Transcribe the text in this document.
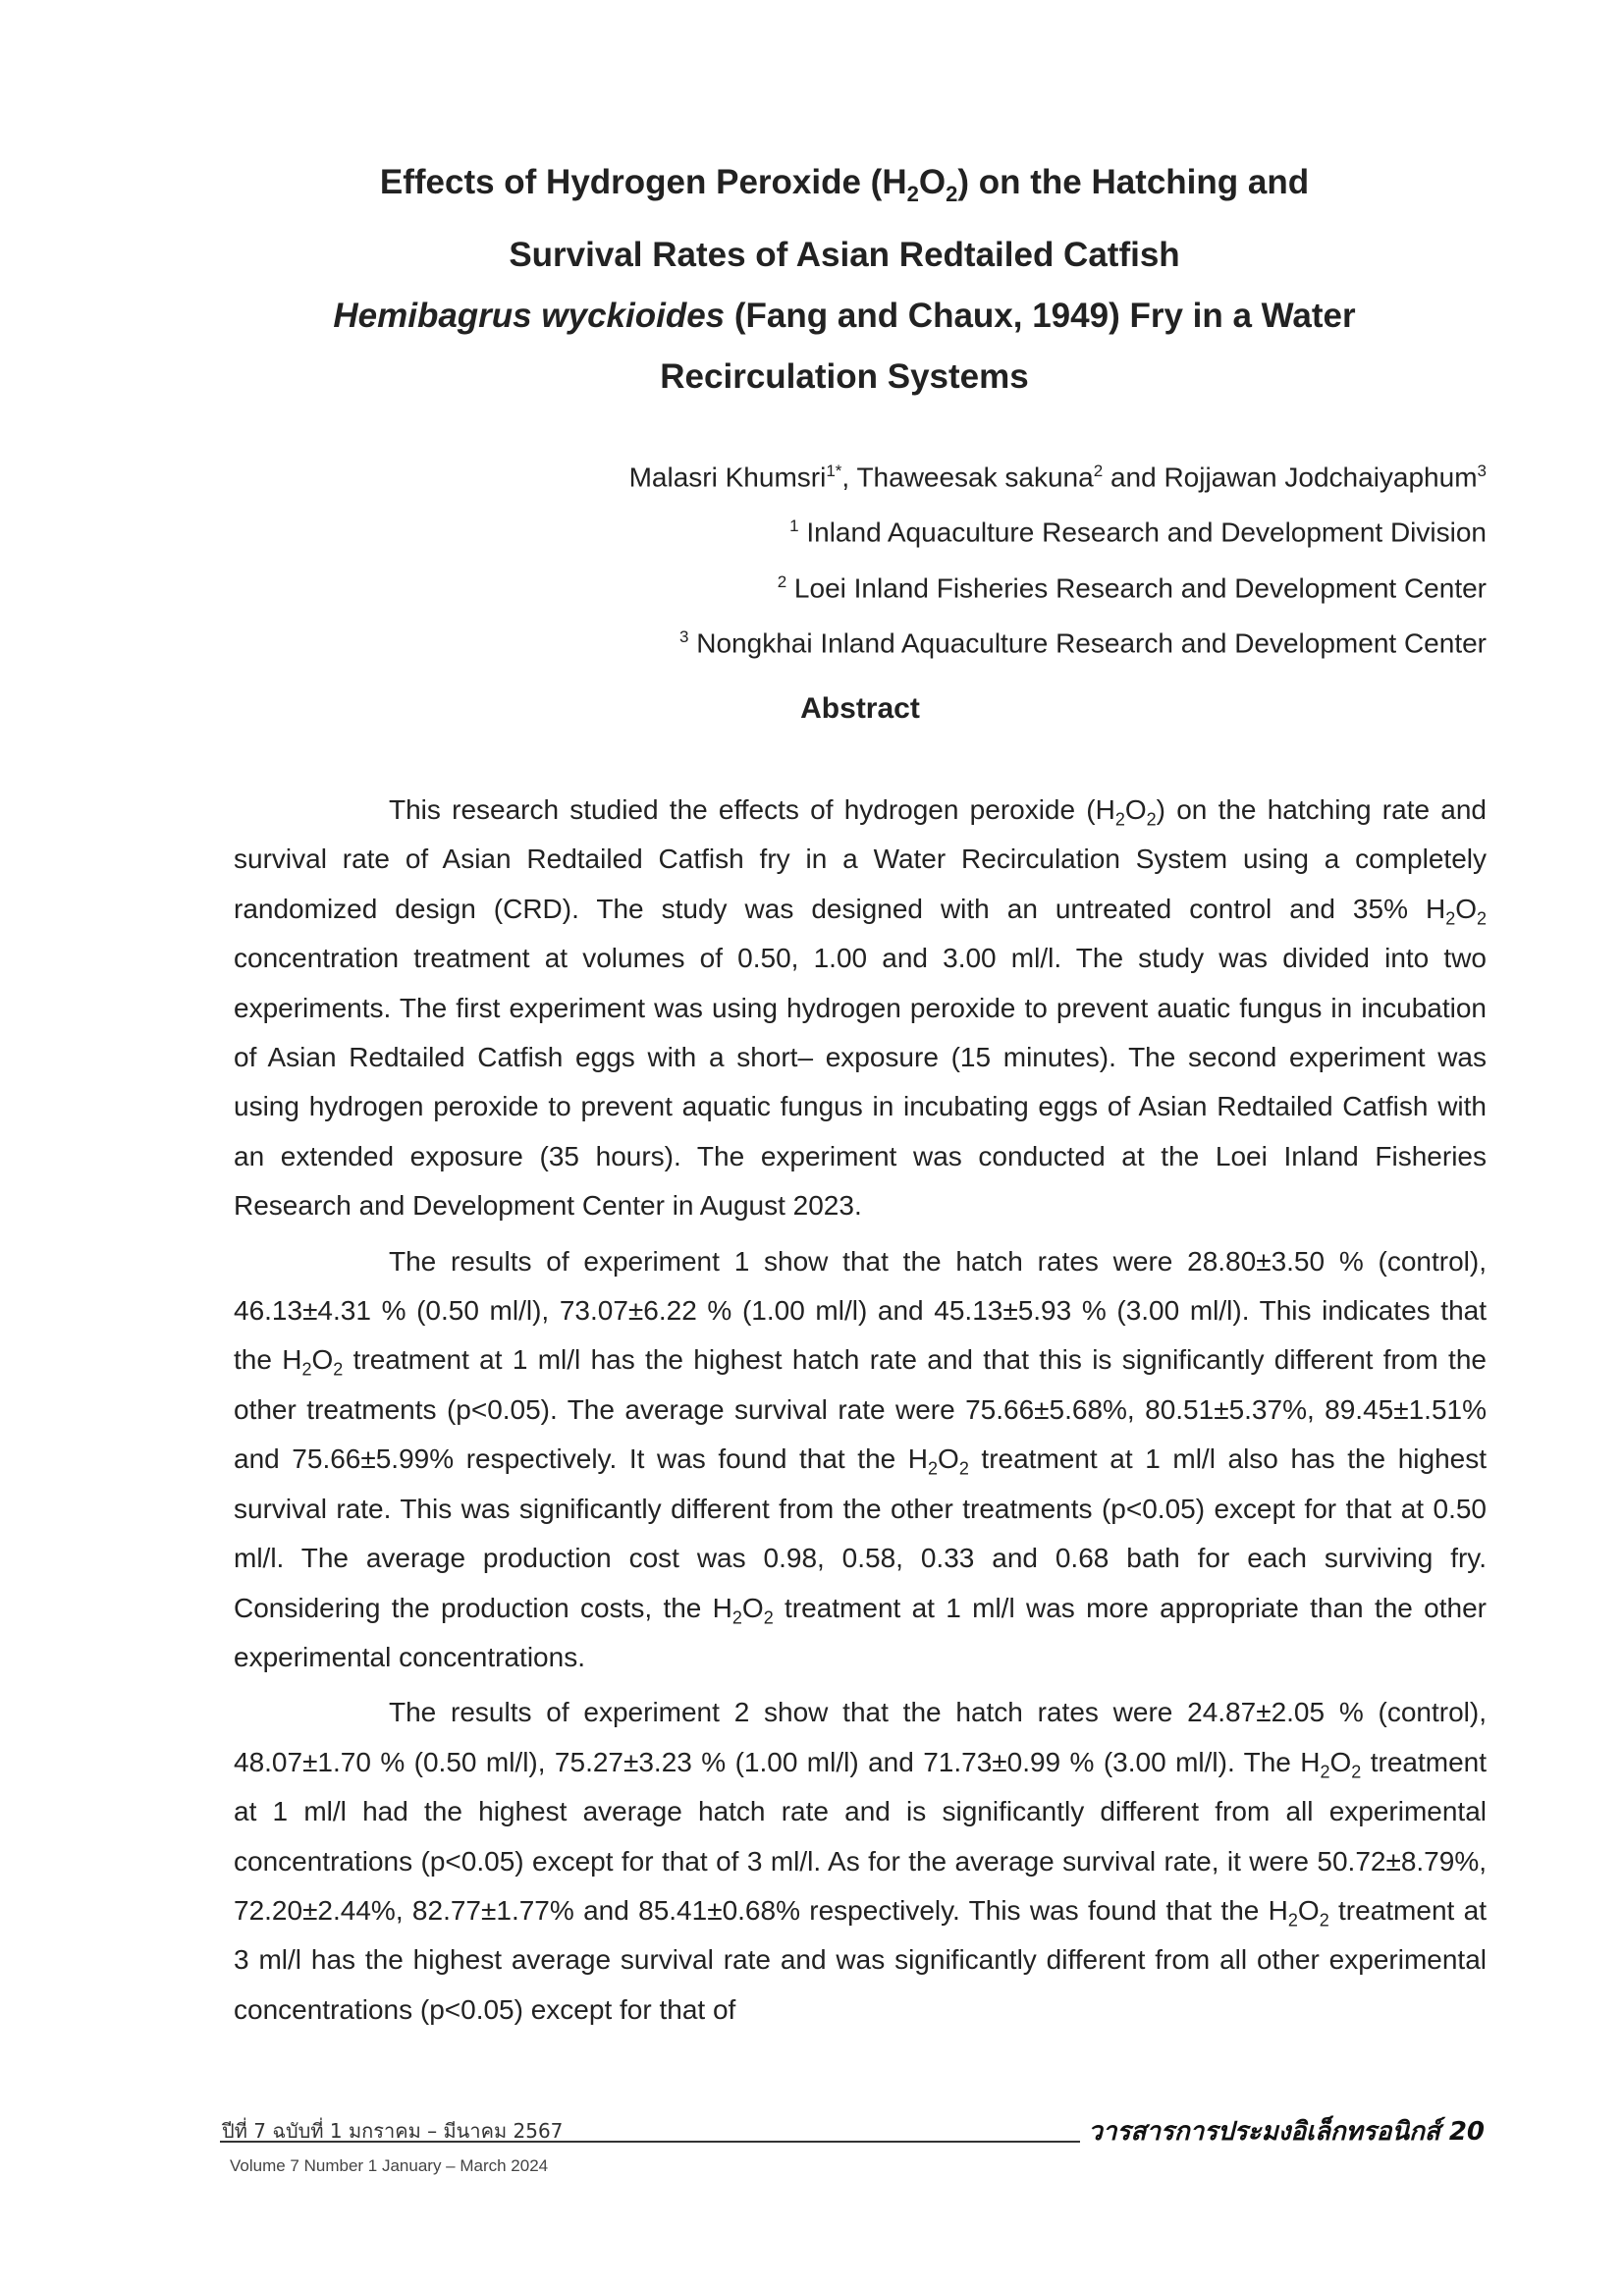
Effects of Hydrogen Peroxide $(H_2O_2)$ on the Hatching and
Survival Rates of Asian Redtailed Catfish
Hemibagrus wyckioides (Fang and Chaux, 1949) Fry in a Water
Recirculation Systems
Malasri Khumsri$^{1*}$, Thaweesak sakuna$^2$ and Rojjawan Jodchaiyaphum$^3$
$^1$ Inland Aquaculture Research and Development Division
$^2$ Loei Inland Fisheries Research and Development Center
$^3$ Nongkhai Inland Aquaculture Research and Development Center
Abstract

This research studied the effects of hydrogen peroxide $(H_2O_2)$ on the hatching rate and survival rate of Asian Redtailed Catfish fry in a Water Recirculation System using a completely randomized design (CRD). The study was designed with an untreated control and 35% $H_2O_2$ concentration treatment at volumes of 0.50, 1.00 and 3.00 ml/l. The study was divided into two experiments. The first experiment was using hydrogen peroxide to prevent auatic fungus in incubation of Asian Redtailed Catfish eggs with a short– exposure (15 minutes). The second experiment was using hydrogen peroxide to prevent aquatic fungus in incubating eggs of Asian Redtailed Catfish with an extended exposure (35 hours). The experiment was conducted at the Loei Inland Fisheries Research and Development Center in August 2023.

The results of experiment 1 show that the hatch rates were 28.80±3.50 % (control), 46.13±4.31 % (0.50 ml/l), 73.07±6.22 % (1.00 ml/l) and 45.13±5.93 % (3.00 ml/l). This indicates that the $H_2O_2$ treatment at 1 ml/l has the highest hatch rate and that this is significantly different from the other treatments (p<0.05). The average survival rate were 75.66±5.68%, 80.51±5.37%, 89.45±1.51% and 75.66±5.99% respectively. It was found that the $H_2O_2$ treatment at 1 ml/l also has the highest survival rate. This was significantly different from the other treatments (p<0.05) except for that at 0.50 ml/l. The average production cost was 0.98, 0.58, 0.33 and 0.68 bath for each surviving fry. Considering the production costs, the $H_2O_2$ treatment at 1 ml/l was more appropriate than the other experimental concentrations.

The results of experiment 2 show that the hatch rates were 24.87±2.05 % (control), 48.07±1.70 % (0.50 ml/l), 75.27±3.23 % (1.00 ml/l) and 71.73±0.99 % (3.00 ml/l). The $H_2O_2$ treatment at 1 ml/l had the highest average hatch rate and is significantly different from all experimental concentrations (p<0.05) except for that of 3 ml/l. As for the average survival rate, it were 50.72±8.79%, 72.20±2.44%, 82.77±1.77% and 85.41±0.68% respectively. This was found that the $H_2O_2$ treatment at 3 ml/l has the highest average survival rate and was significantly different from all other experimental concentrations (p<0.05) except for that of

ปีที่ 7 ฉบับที่ 1 มกราคม – มีนาคม 2567
Volume 7 Number 1 January – March 2024
วารสารการประมงอิเล็กทรอนิกส์ 20
